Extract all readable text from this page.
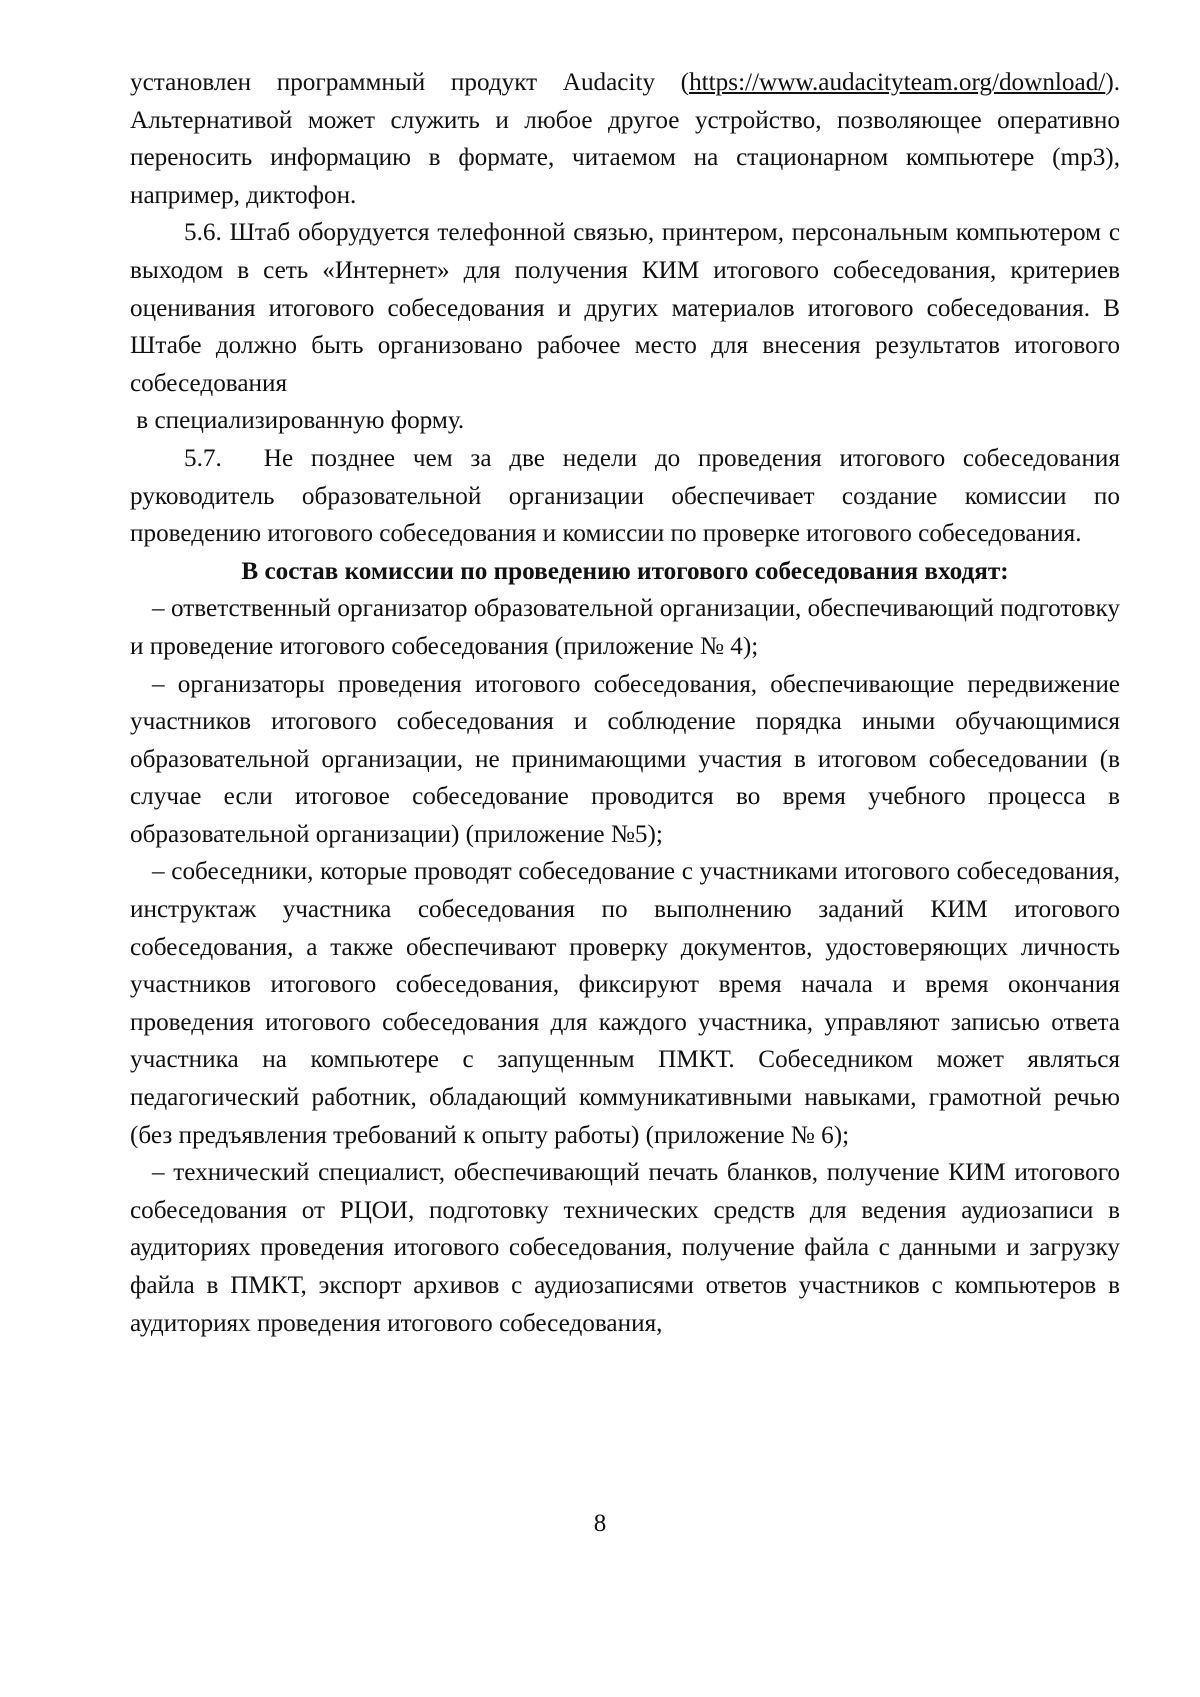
установлен программный продукт Audacity (https://www.audacityteam.org/download/). Альтернативой может служить и любое другое устройство, позволяющее оперативно переносить информацию в формате, читаемом на стационарном компьютере (mp3), например, диктофон.

5.6. Штаб оборудуется телефонной связью, принтером, персональным компьютером с выходом в сеть «Интернет» для получения КИМ итогового собеседования, критериев оценивания итогового собеседования и других материалов итогового собеседования. В Штабе должно быть организовано рабочее место для внесения результатов итогового собеседования
в специализированную форму.

5.7. Не позднее чем за две недели до проведения итогового собеседования руководитель образовательной организации обеспечивает создание комиссии по проведению итогового собеседования и комиссии по проверке итогового собеседования.

В состав комиссии по проведению итогового собеседования входят:

– ответственный организатор образовательной организации, обеспечивающий подготовку и проведение итогового собеседования (приложение № 4);

– организаторы проведения итогового собеседования, обеспечивающие передвижение участников итогового собеседования и соблюдение порядка иными обучающимися образовательной организации, не принимающими участия в итоговом собеседовании (в случае если итоговое собеседование проводится во время учебного процесса в образовательной организации) (приложение №5);

– собеседники, которые проводят собеседование с участниками итогового собеседования, инструктаж участника собеседования по выполнению заданий КИМ итогового собеседования, а также обеспечивают проверку документов, удостоверяющих личность участников итогового собеседования, фиксируют время начала и время окончания проведения итогового собеседования для каждого участника, управляют записью ответа участника на компьютере с запущенным ПМКТ. Собеседником может являться педагогический работник, обладающий коммуникативными навыками, грамотной речью (без предъявления требований к опыту работы) (приложение № 6);

– технический специалист, обеспечивающий печать бланков, получение КИМ итогового собеседования от РЦОИ, подготовку технических средств для ведения аудиозаписи в аудиториях проведения итогового собеседования, получение файла с данными и загрузку файла в ПМКТ, экспорт архивов с аудиозаписями ответов участников с компьютеров в аудиториях проведения итогового собеседования,

8
